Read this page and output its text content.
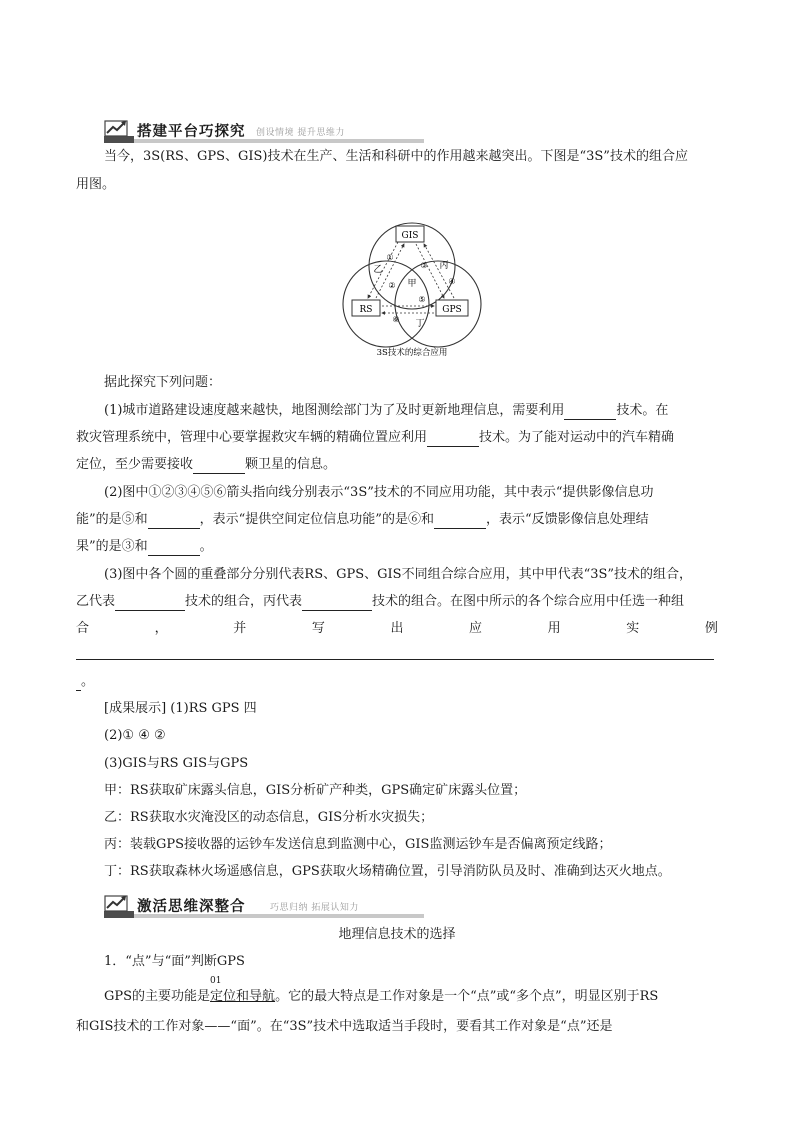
搭建平台巧探究 创设情境 提升思维力
当今，3S(RS、GPS、GIS)技术在生产、生活和科研中的作用越来越突出。下图是“3S”技术的组合应
用图。
GIS
RS	GPS
甲
乙	丙
丁
①
②
③
④
⑤
⑥
3S技术的综合应用
据此探究下列问题：
(1)城市道路建设速度越来越快，地图测绘部门为了及时更新地理信息，需要利用	技术。在
救灾管理系统中，管理中心要掌握救灾车辆的精确位置应利用	技术。为了能对运动中的汽车精确
定位，至少需要接收	颗卫星的信息。
(2)图中①②③④⑤⑥箭头指向线分别表示“3S”技术的不同应用功能，其中表示“提供影像信息功
能”的是⑤和	，表示“提供空间定位信息功能”的是⑥和	，表示“反馈影像信息处理结
果”的是③和	。
(3)图中各个圆的重叠部分分别代表RS、GPS、GIS不同组合综合应用，其中甲代表“3S”技术的组合，
乙代表	技术的组合，丙代表	技术的组合。在图中所示的各个综合应用中任选一种组
合	，	并	写	出	应	用	实	例
。
[成果展示] (1)RS GPS 四
(2)① ④ ②
(3)GIS与RS GIS与GPS
甲：RS获取矿床露头信息，GIS分析矿产种类，GPS确定矿床露头位置；
乙：RS获取水灾淹没区的动态信息，GIS分析水灾损失；
丙：装载GPS接收器的运钞车发送信息到监测中心，GIS监测运钞车是否偏离预定线路；
丁：RS获取森林火场遥感信息，GPS获取火场精确位置，引导消防队员及时、准确到达灭火地点。
激活思维深整合	巧思归纳 拓展认知力
地理信息技术的选择
1．“点”与“面”判断GPS
GPS的主要功能是
01
定位和导航。它的最大特点是工作对象是一个“点”或“多个点”，明显区别于RS
和GIS技术的工作对象——“面”。在“3S”技术中选取适当手段时，要看其工作对象是“点”还是
